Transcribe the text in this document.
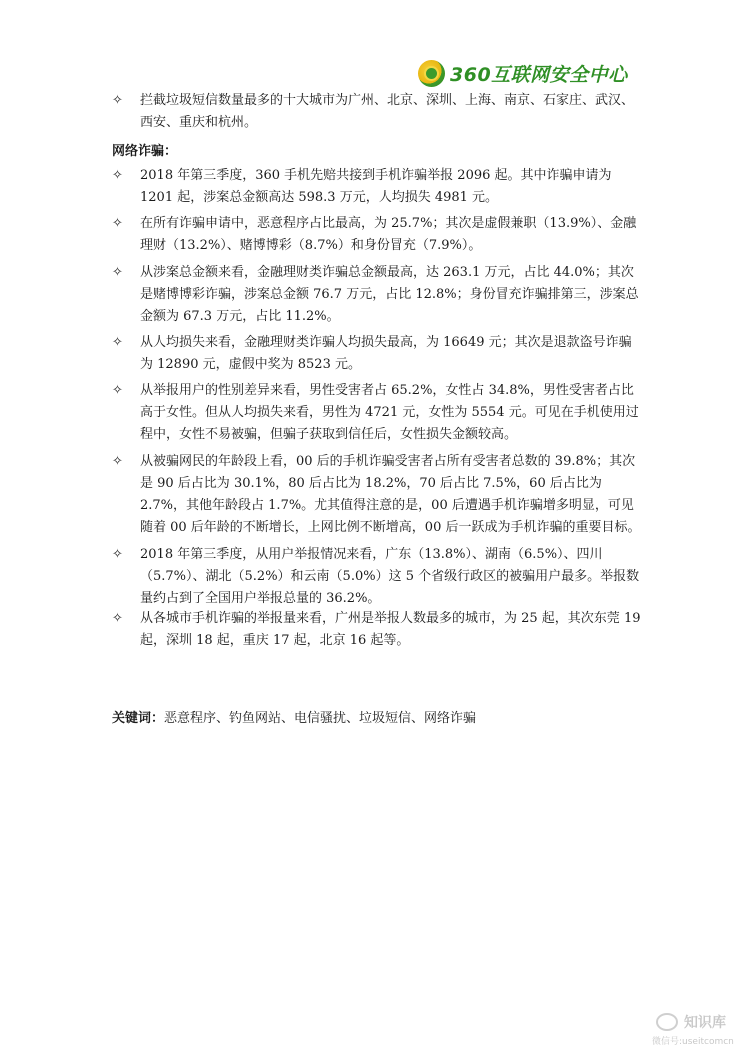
360互联网安全中心
✧	拦截垃圾短信数量最多的十大城市为广州、北京、深圳、上海、南京、石家庄、武汉、西安、重庆和杭州。
网络诈骗：
✧	2018 年第三季度，360 手机先赔共接到手机诈骗举报 2096 起。其中诈骗申请为 1201 起，涉案总金额高达 598.3 万元，人均损失 4981 元。
✧	在所有诈骗申请中，恶意程序占比最高，为 25.7%；其次是虚假兼职（13.9%）、金融理财（13.2%）、赌博博彩（8.7%）和身份冒充（7.9%）。
✧	从涉案总金额来看，金融理财类诈骗总金额最高，达 263.1 万元，占比 44.0%；其次是赌博博彩诈骗，涉案总金额 76.7 万元，占比 12.8%；身份冒充诈骗排第三，涉案总金额为 67.3 万元，占比 11.2%。
✧	从人均损失来看，金融理财类诈骗人均损失最高，为 16649 元；其次是退款盗号诈骗为 12890 元，虚假中奖为 8523 元。
✧	从举报用户的性别差异来看，男性受害者占 65.2%，女性占 34.8%，男性受害者占比高于女性。但从人均损失来看，男性为 4721 元，女性为 5554 元。可见在手机使用过程中，女性不易被骗，但骗子获取到信任后，女性损失金额较高。
✧	从被骗网民的年龄段上看，00 后的手机诈骗受害者占所有受害者总数的 39.8%；其次是 90 后占比为 30.1%，80 后占比为 18.2%，70 后占比 7.5%，60 后占比为 2.7%，其他年龄段占 1.7%。尤其值得注意的是，00 后遭遇手机诈骗增多明显，可见随着 00 后年龄的不断增长，上网比例不断增高，00 后一跃成为手机诈骗的重要目标。
✧	2018 年第三季度，从用户举报情况来看，广东（13.8%）、湖南（6.5%）、四川（5.7%）、湖北（5.2%）和云南（5.0%）这 5 个省级行政区的被骗用户最多。举报数量约占到了全国用户举报总量的 36.2%。
✧	从各城市手机诈骗的举报量来看，广州是举报人数最多的城市，为 25 起，其次东莞 19 起，深圳 18 起，重庆 17 起，北京 16 起等。
关键词：恶意程序、钓鱼网站、电信骚扰、垃圾短信、网络诈骗
知识库
微信号:useitcomcn
